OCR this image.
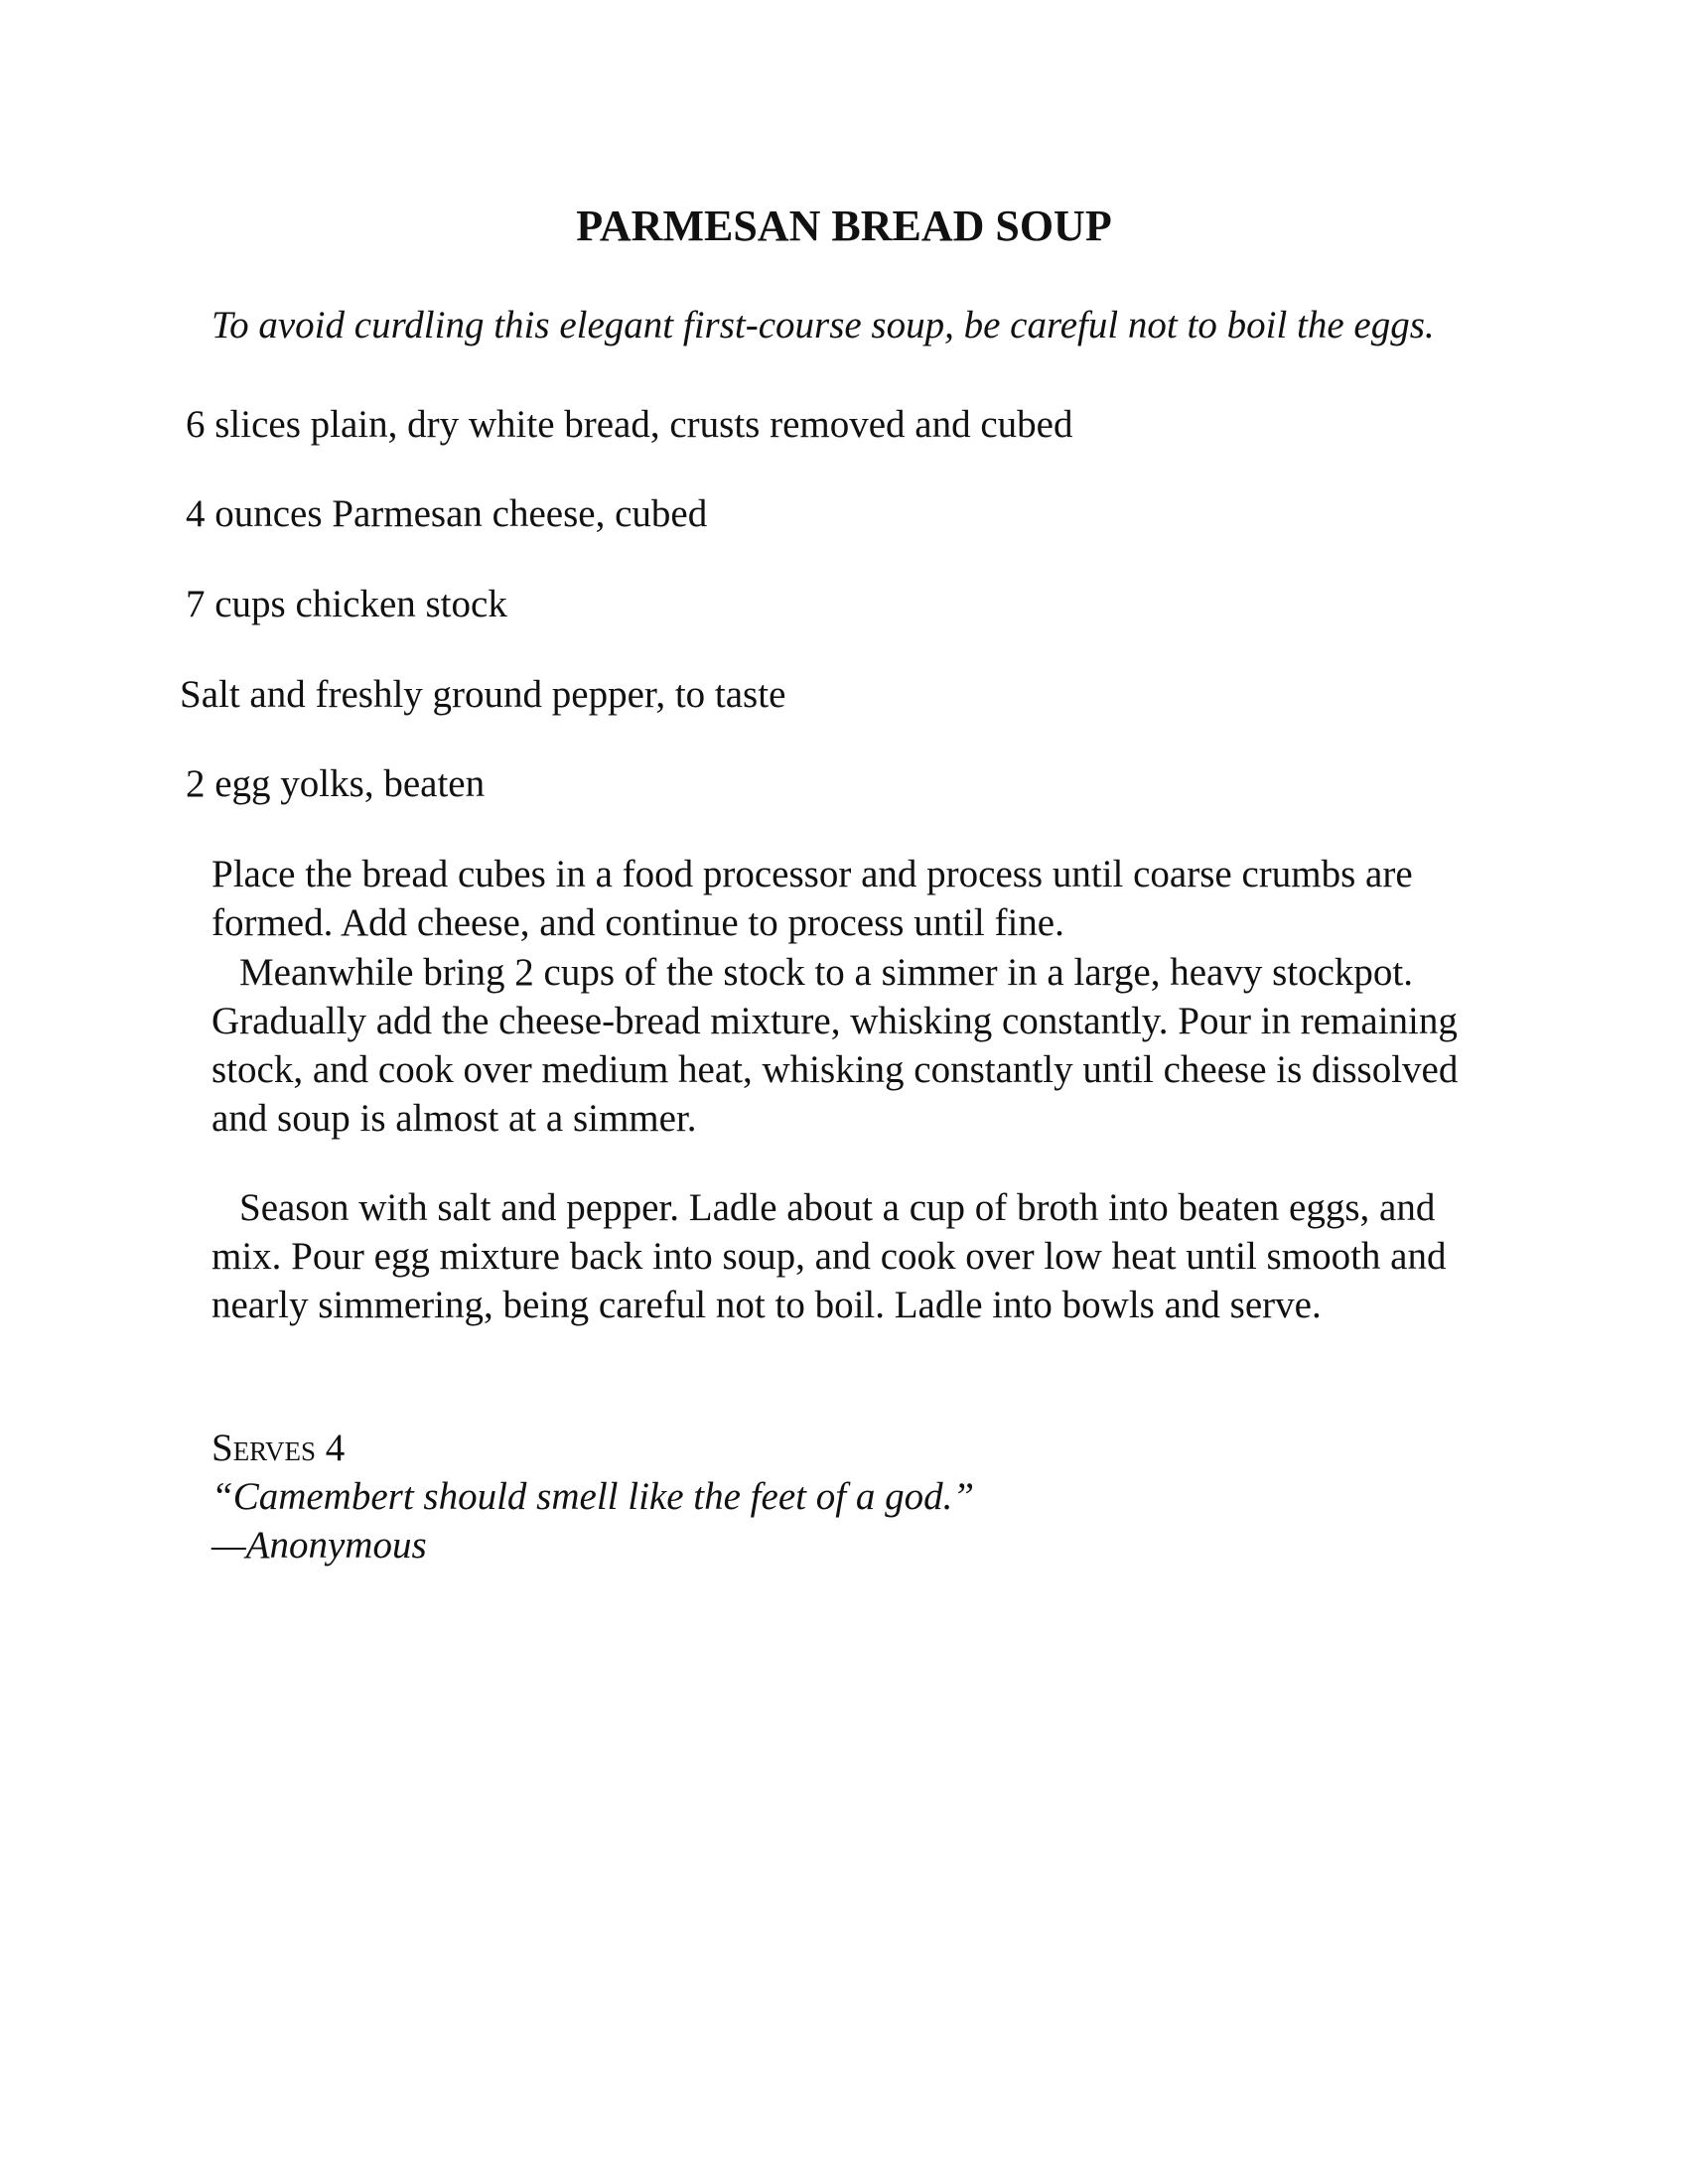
PARMESAN BREAD SOUP

To avoid curdling this elegant first-course soup, be careful not to boil the eggs.

6 slices plain, dry white bread, crusts removed and cubed
4 ounces Parmesan cheese, cubed
7 cups chicken stock
Salt and freshly ground pepper, to taste
2 egg yolks, beaten

Place the bread cubes in a food processor and process until coarse crumbs are formed. Add cheese, and continue to process until fine.

Meanwhile bring 2 cups of the stock to a simmer in a large, heavy stockpot. Gradually add the cheese-bread mixture, whisking constantly. Pour in remaining stock, and cook over medium heat, whisking constantly until cheese is dissolved and soup is almost at a simmer.

Season with salt and pepper. Ladle about a cup of broth into beaten eggs, and mix. Pour egg mixture back into soup, and cook over low heat until smooth and nearly simmering, being careful not to boil. Ladle into bowls and serve.

Serves 4

“Camembert should smell like the feet of a god.”

—Anonymous
